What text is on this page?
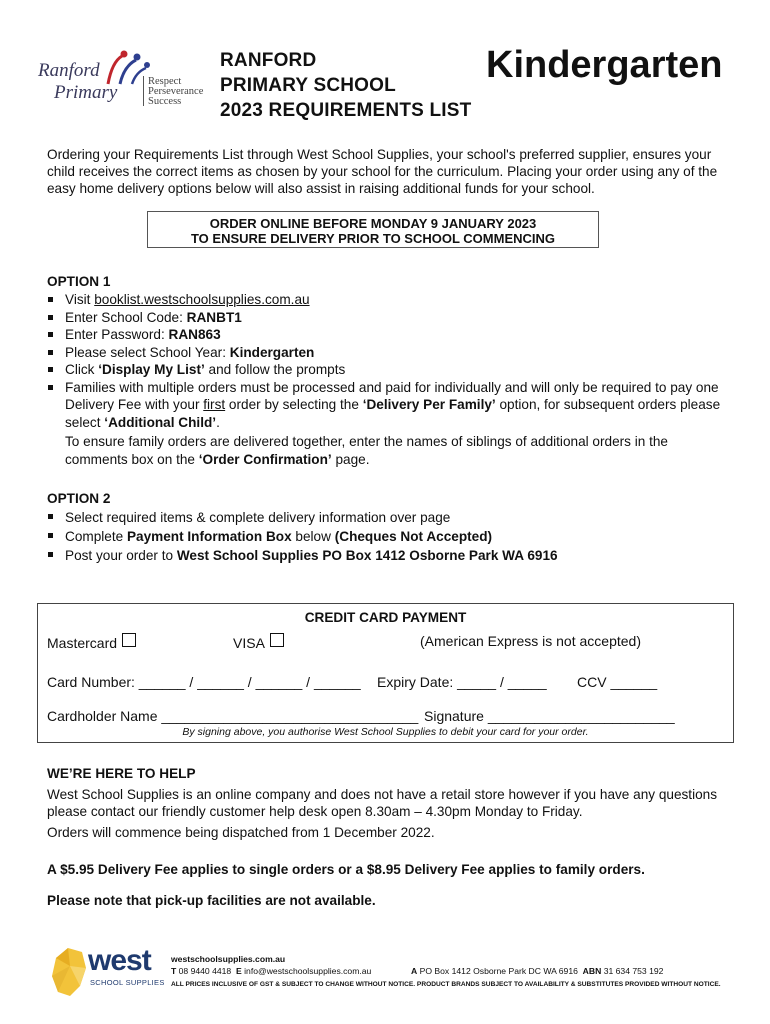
Ranford
Primary
Respect
Perseverance
Success
RANFORD
PRIMARY SCHOOL
2023 REQUIREMENTS LIST
Kindergarten
Ordering your Requirements List through West School Supplies, your school's preferred supplier, ensures your child receives the correct items as chosen by your school for the curriculum. Placing your order using any of the easy home delivery options below will also assist in raising additional funds for your school.
ORDER ONLINE BEFORE MONDAY 9 JANUARY 2023
TO ENSURE DELIVERY PRIOR TO SCHOOL COMMENCING
OPTION 1
Visit booklist.westschoolsupplies.com.au
Enter School Code: RANBT1
Enter Password: RAN863
Please select School Year: Kindergarten
Click ‘Display My List’ and follow the prompts
Families with multiple orders must be processed and paid for individually and will only be required to pay one Delivery Fee with your first order by selecting the ‘Delivery Per Family’ option, for subsequent orders please select ‘Additional Child’.
To ensure family orders are delivered together, enter the names of siblings of additional orders in the comments box on the ‘Order Confirmation’ page.
OPTION 2
Select required items & complete delivery information over page
Complete Payment Information Box below (Cheques Not Accepted)
Post your order to West School Supplies PO Box 1412 Osborne Park WA 6916
CREDIT CARD PAYMENT
Mastercard	VISA	(American Express is not accepted)
Card Number: ______ / ______ / ______ / ______ Expiry Date: _____ / _____ CCV ______
Cardholder Name _________________________________ Signature ________________________
By signing above, you authorise West School Supplies to debit your card for your order.
WE’RE HERE TO HELP
West School Supplies is an online company and does not have a retail store however if you have any questions please contact our friendly customer help desk open 8.30am – 4.30pm Monday to Friday.
Orders will commence being dispatched from 1 December 2022.
A $5.95 Delivery Fee applies to single orders or a $8.95 Delivery Fee applies to family orders.
Please note that pick-up facilities are not available.
west
SCHOOL SUPPLIES
westschoolsupplies.com.au
T 08 9440 4418 E info@westschoolsupplies.com.au	A PO Box 1412 Osborne Park DC WA 6916 ABN 31 634 753 192
ALL PRICES INCLUSIVE OF GST & SUBJECT TO CHANGE WITHOUT NOTICE. PRODUCT BRANDS SUBJECT TO AVAILABILITY & SUBSTITUTES PROVIDED WITHOUT NOTICE.
